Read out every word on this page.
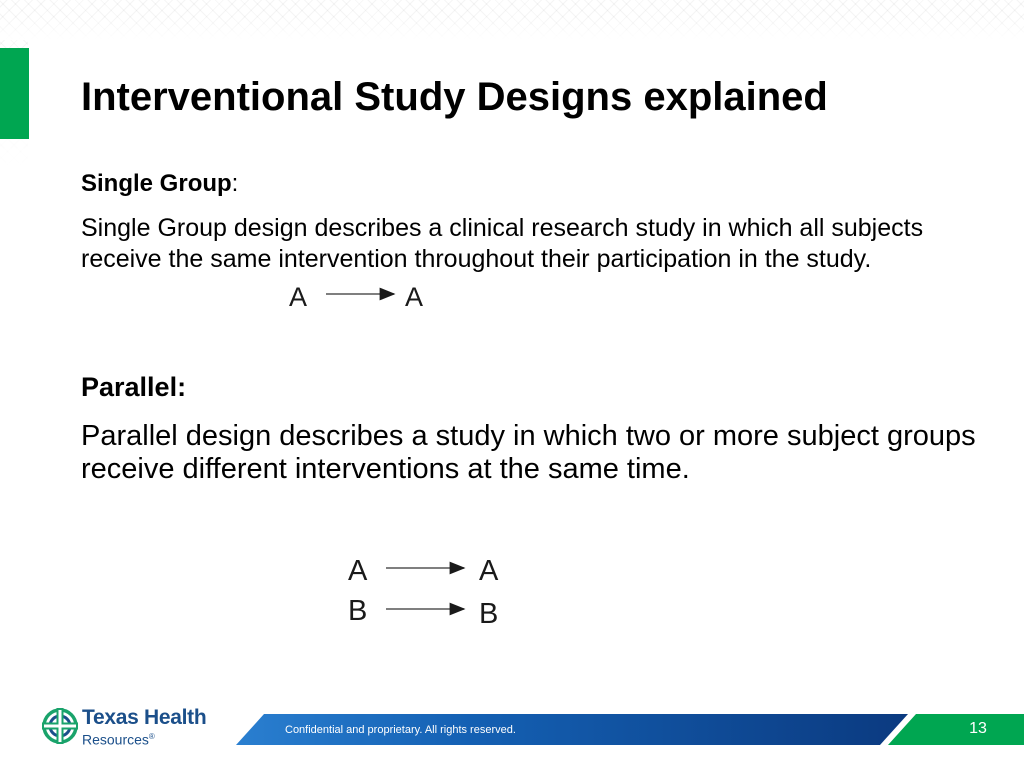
Interventional Study Designs explained
Single Group:
Single Group design describes a clinical research study in which all subjects receive the same intervention throughout their participation in the study.
A	A
Parallel:
Parallel design describes a study in which two or more subject groups receive different interventions at the same time.
A	A
B	B
Texas Health
Resources®
Confidential and proprietary. All rights reserved.	13
